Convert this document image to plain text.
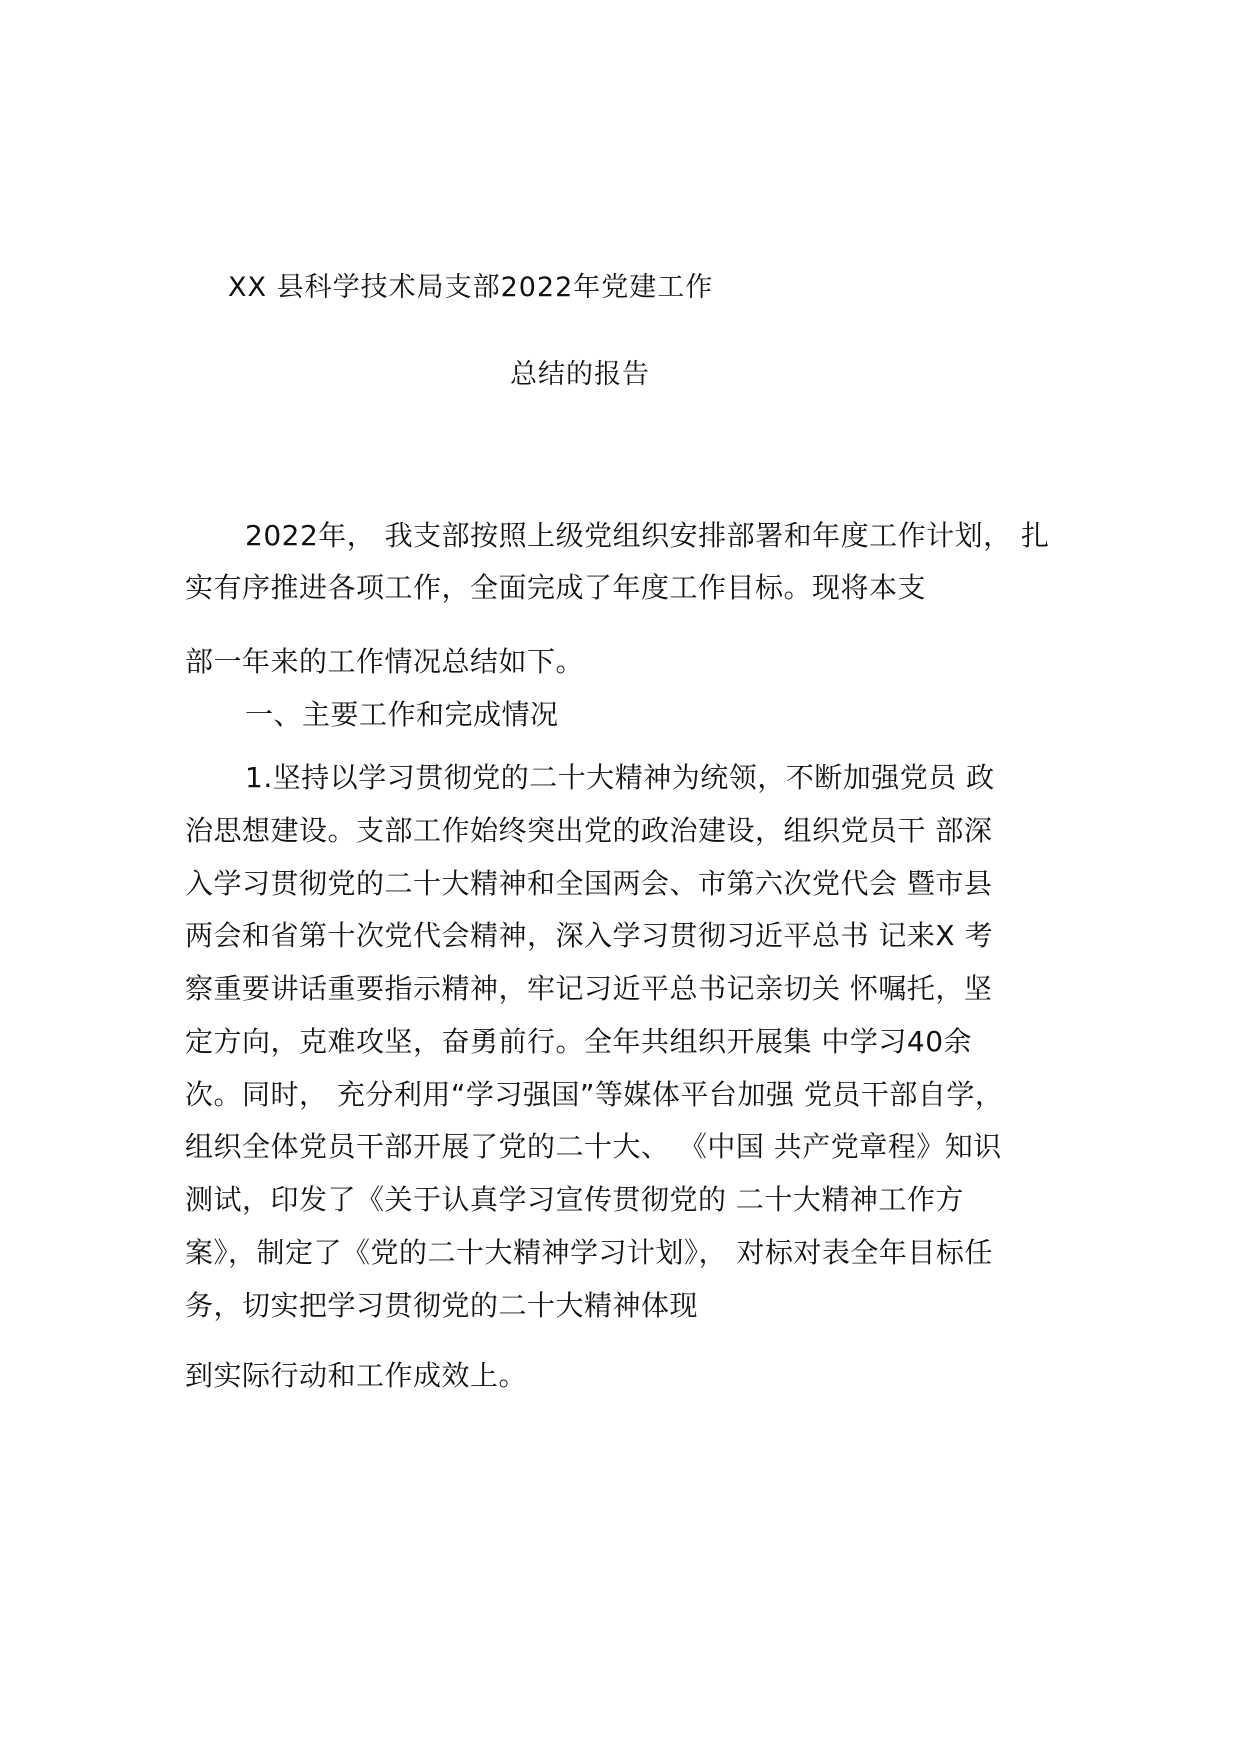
XX 县科学技术局支部2022年党建工作
总结的报告
2022年， 我支部按照上级党组织安排部署和年度工作计划， 扎
实有序推进各项工作，全面完成了年度工作目标。现将本支
部一年来的工作情况总结如下。
一、主要工作和完成情况
1.坚持以学习贯彻党的二十大精神为统领，不断加强党员 政
治思想建设。支部工作始终突出党的政治建设，组织党员干 部深
入学习贯彻党的二十大精神和全国两会、市第六次党代会 暨市县
两会和省第十次党代会精神，深入学习贯彻习近平总书 记来X 考
察重要讲话重要指示精神，牢记习近平总书记亲切关 怀嘱托，坚
定方向，克难攻坚，奋勇前行。全年共组织开展集 中学习40余
次。同时， 充分利用“学习强国”等媒体平台加强 党员干部自学，
组织全体党员干部开展了党的二十大、 《中国 共产党章程》知识
测试，印发了《关于认真学习宣传贯彻党的 二十大精神工作方
案》，制定了《党的二十大精神学习计划》， 对标对表全年目标任
务，切实把学习贯彻党的二十大精神体现
到实际行动和工作成效上。
